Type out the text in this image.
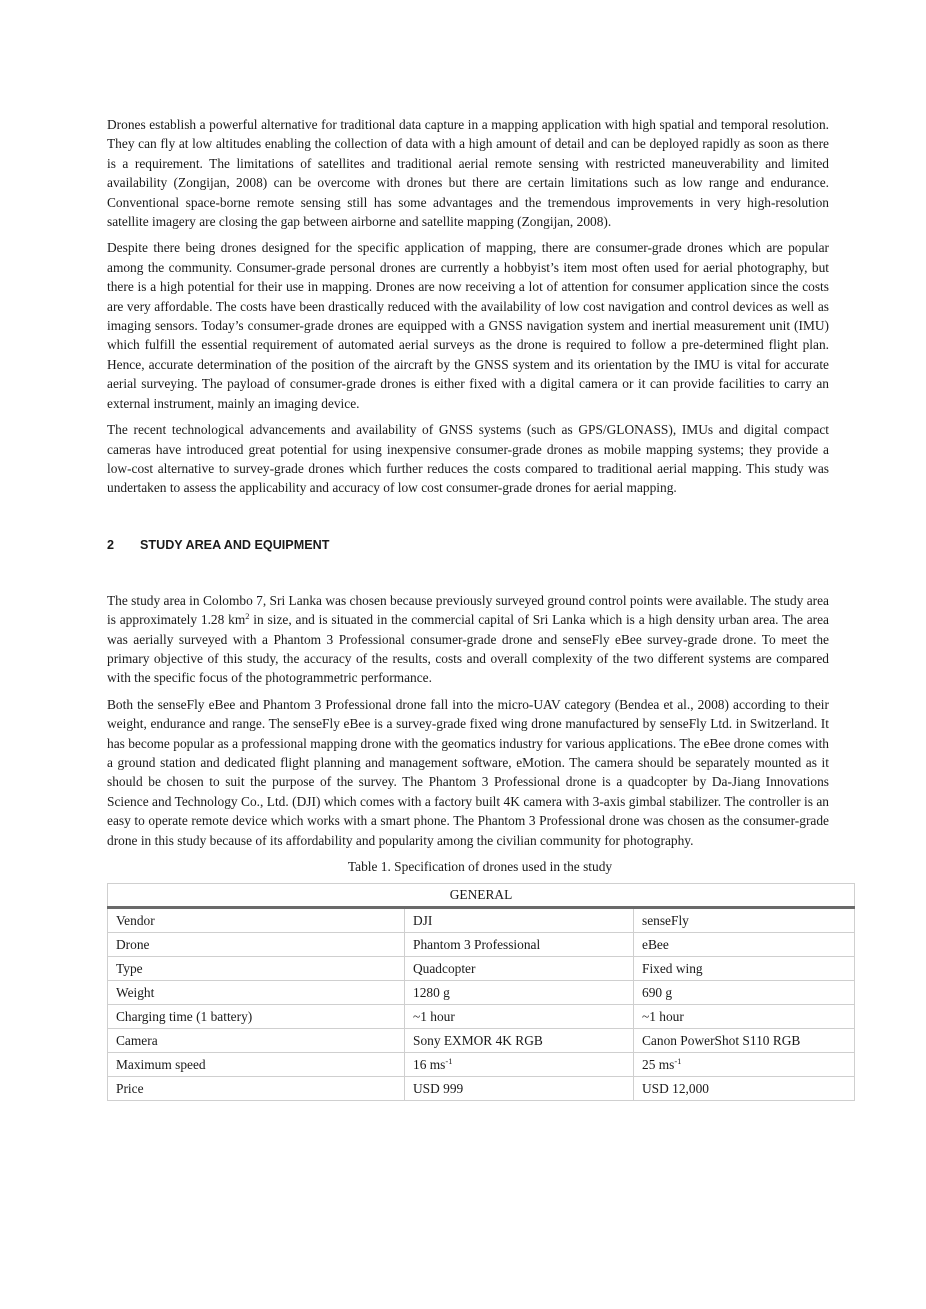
Drones establish a powerful alternative for traditional data capture in a mapping application with high spatial and temporal resolution. They can fly at low altitudes enabling the collection of data with a high amount of detail and can be deployed rapidly as soon as there is a requirement. The limitations of satellites and traditional aerial remote sensing with restricted maneuverability and limited availability (Zongijan, 2008) can be overcome with drones but there are certain limitations such as low range and endurance. Conventional space-borne remote sensing still has some advantages and the tremendous improvements in very high-resolution satellite imagery are closing the gap between airborne and satellite mapping (Zongijan, 2008).

Despite there being drones designed for the specific application of mapping, there are consumer-grade drones which are popular among the community. Consumer-grade personal drones are currently a hobbyist’s item most often used for aerial photography, but there is a high potential for their use in mapping. Drones are now receiving a lot of attention for consumer application since the costs are very affordable. The costs have been drastically reduced with the availability of low cost navigation and control devices as well as imaging sensors. Today’s consumer-grade drones are equipped with a GNSS navigation system and inertial measurement unit (IMU) which fulfill the essential requirement of automated aerial surveys as the drone is required to follow a pre-determined flight plan. Hence, accurate determination of the position of the aircraft by the GNSS system and its orientation by the IMU is vital for accurate aerial surveying. The payload of consumer-grade drones is either fixed with a digital camera or it can provide facilities to carry an external instrument, mainly an imaging device.

The recent technological advancements and availability of GNSS systems (such as GPS/GLONASS), IMUs and digital compact cameras have introduced great potential for using inexpensive consumer-grade drones as mobile mapping systems; they provide a low-cost alternative to survey-grade drones which further reduces the costs compared to traditional aerial mapping. This study was undertaken to assess the applicability and accuracy of low cost consumer-grade drones for aerial mapping.

2	STUDY AREA AND EQUIPMENT

The study area in Colombo 7, Sri Lanka was chosen because previously surveyed ground control points were available. The study area is approximately 1.28 $km^2$ in size, and is situated in the commercial capital of Sri Lanka which is a high density urban area. The area was aerially surveyed with a Phantom 3 Professional consumer-grade drone and senseFly eBee survey-grade drone. To meet the primary objective of this study, the accuracy of the results, costs and overall complexity of the two different systems are compared with the specific focus of the photogrammetric performance.

Both the senseFly eBee and Phantom 3 Professional drone fall into the micro-UAV category (Bendea et al., 2008) according to their weight, endurance and range. The senseFly eBee is a survey-grade fixed wing drone manufactured by senseFly Ltd. in Switzerland. It has become popular as a professional mapping drone with the geomatics industry for various applications. The eBee drone comes with a ground station and dedicated flight planning and management software, eMotion. The camera should be separately mounted as it should be chosen to suit the purpose of the survey. The Phantom 3 Professional drone is a quadcopter by Da-Jiang Innovations Science and Technology Co., Ltd. (DJI) which comes with a factory built 4K camera with 3-axis gimbal stabilizer. The controller is an easy to operate remote device which works with a smart phone. The Phantom 3 Professional drone was chosen as the consumer-grade drone in this study because of its affordability and popularity among the civilian community for photography.

Table 1. Specification of drones used in the study
GENERAL		
Vendor	DJI	senseFly
Drone	Phantom 3 Professional	eBee
Type	Quadcopter	Fixed wing
Weight	1280 g	690 g
Charging time (1 battery)	~1 hour	~1 hour
Camera	Sony EXMOR 4K RGB	Canon PowerShot S110 RGB
Maximum speed	16 $ms^{-1}$	25 $ms^{-1}$
Price	USD 999	USD 12,000
